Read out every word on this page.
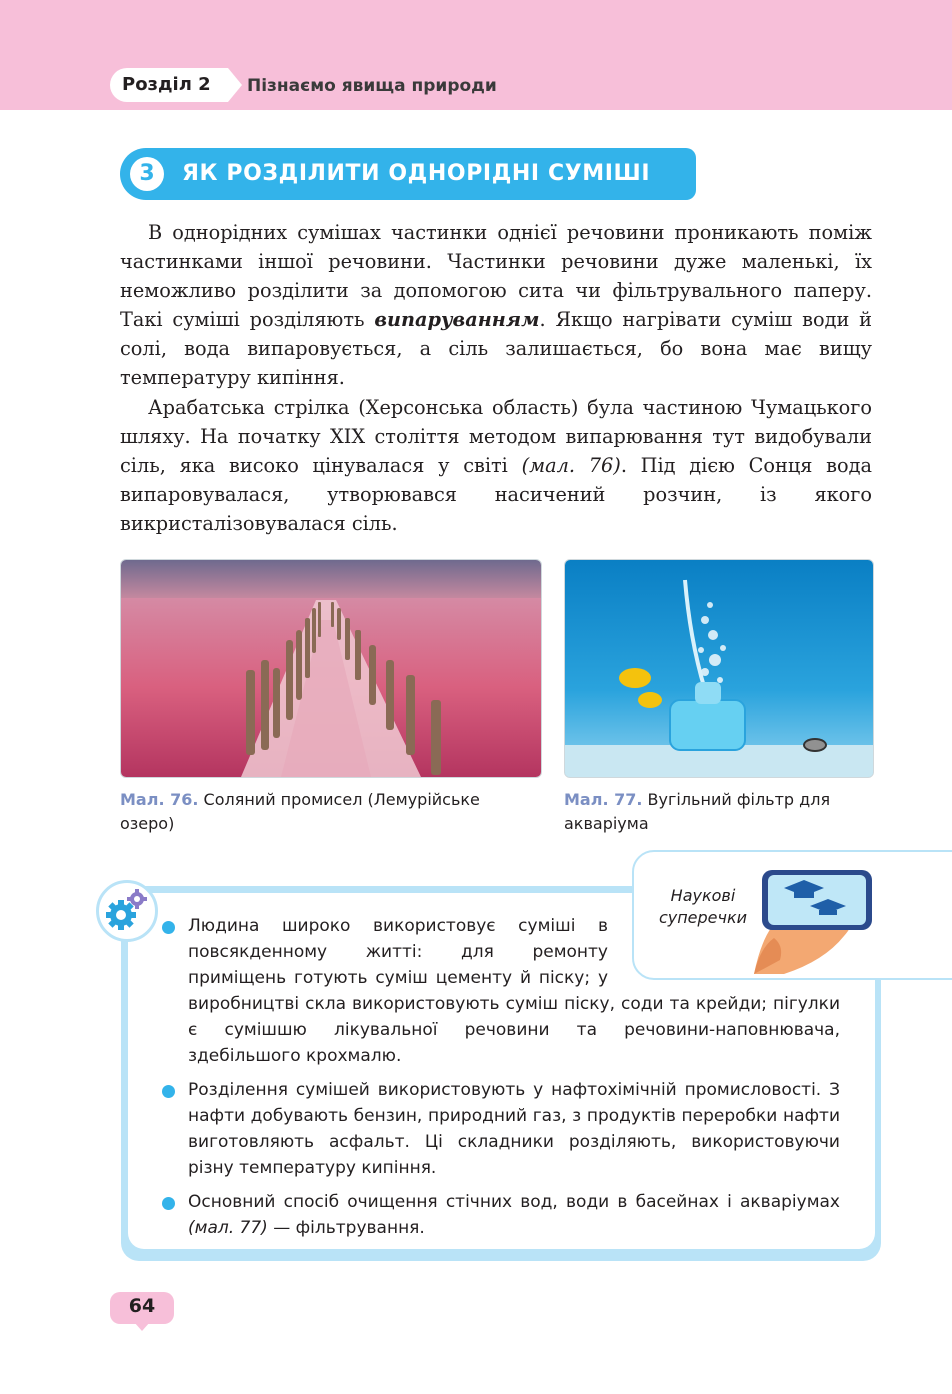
Розділ 2 Пізнаємо явища природи
3	ЯК РОЗДІЛИТИ ОДНОРІДНІ СУМІШІ

В однорідних сумішах частинки однієї речовини проникають поміж частинками іншої речовини. Частинки речовини дуже маленькі, їх неможливо розділити за допомогою сита чи фільтрувального паперу. Такі суміші розділяють випаруванням. Якщо нагрівати суміш води й солі, вода випаровується, а сіль залишається, бо вона має вищу температуру кипіння.

Арабатська стрілка (Херсонська область) була частиною Чумацького шляху. На початку XIX століття методом випарювання тут видобували сіль, яка високо цінувалася у світі (мал. 76). Під дією Сонця вода випаровувалася, утворювався насичений розчин, із якого викристалізовувалася сіль.

Мал. 76. Соляний промисел (Лемурійське озеро)
Мал. 77. Вугільний фільтр для акваріума
Людина широко використовує суміші в повсякденному житті: для ремонту приміщень готують суміш цементу й піску; у виробництві скла використовують суміш піску, соди та крейди; пігулки є сумішшю лікувальної речовини та речовини-наповнювача, здебільшого крохмалю.
Розділення сумішей використовують у нафтохімічній промисловості. З нафти добувають бензин, природний газ, з продуктів переробки нафти виготовляють асфальт. Ці складники розділяють, використовуючи різну температуру кипіння.
Основний спосіб очищення стічних вод, води в басейнах і акваріумах (мал. 77) — фільтрування.
Наукові
суперечки
64
